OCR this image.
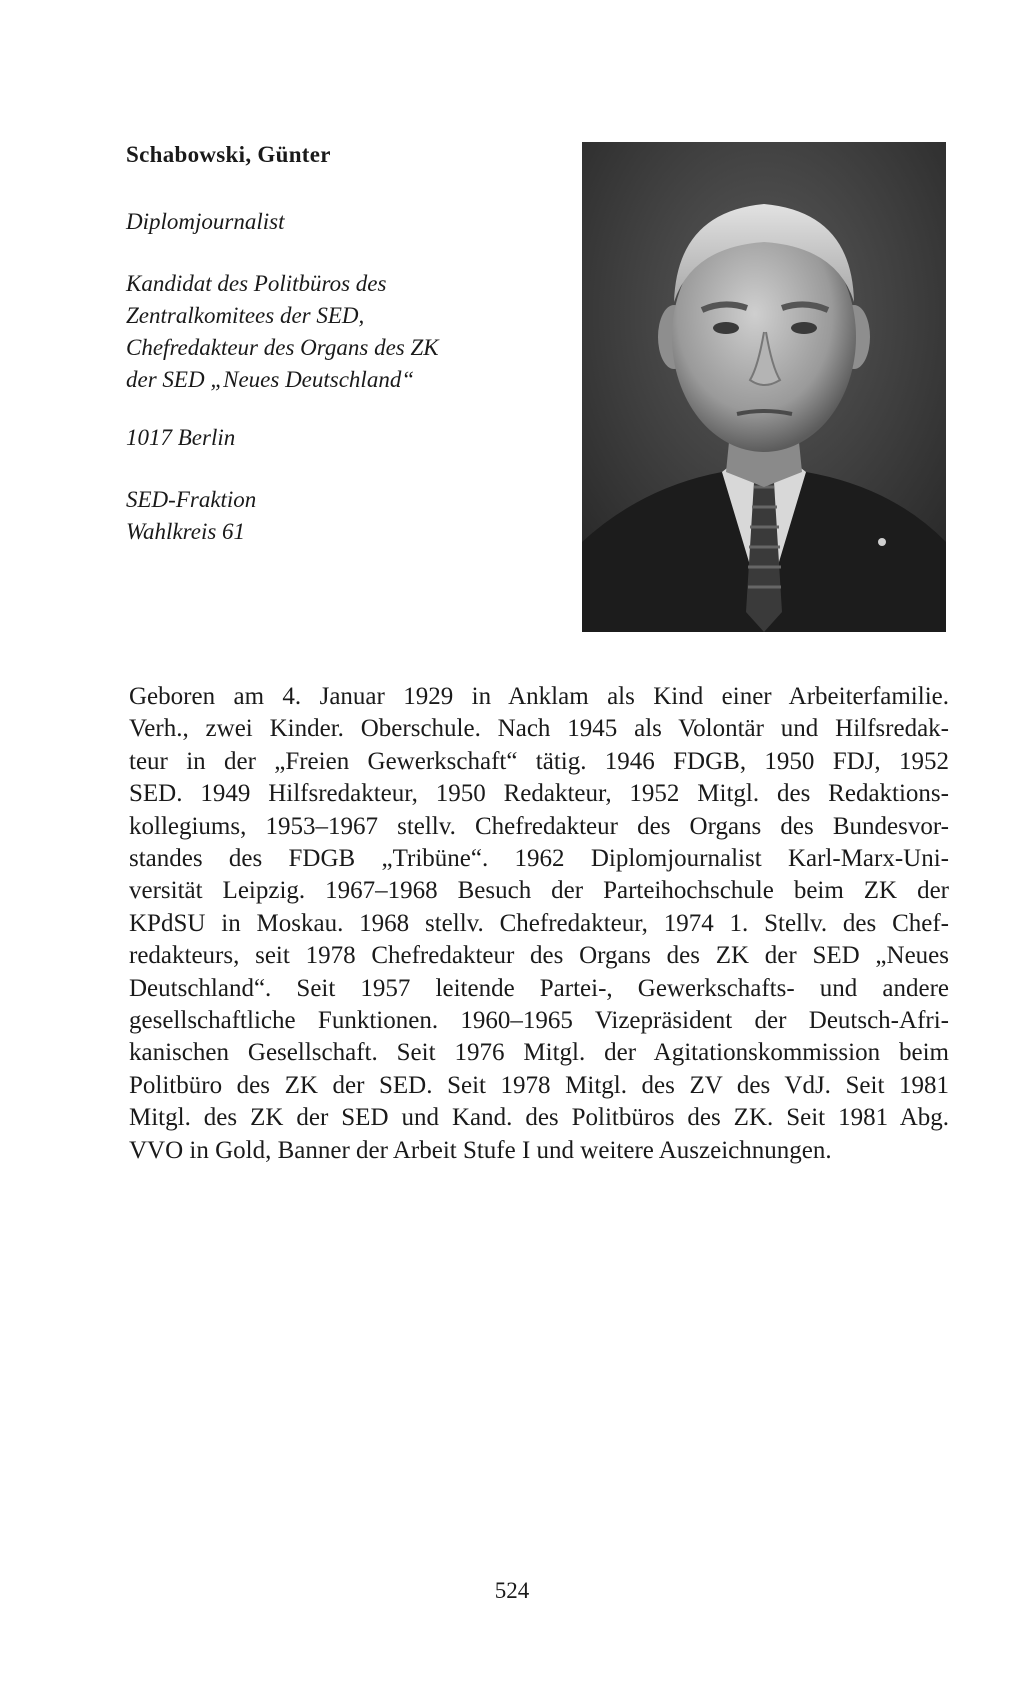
Schabowski, Günter

Diplomjournalist

Kandidat des Politbüros des

Zentralkomitees der SED,

Chefredakteur des Organs des ZK

der SED „Neues Deutschland“

1017 Berlin

SED-Fraktion

Wahlkreis 61

Geboren am 4. Januar 1929 in Anklam als Kind einer Arbeiterfamilie.
Verh., zwei Kinder. Oberschule. Nach 1945 als Volontär und Hilfsredak-
teur in der „Freien Gewerkschaft“ tätig. 1946 FDGB, 1950 FDJ, 1952
SED. 1949 Hilfsredakteur, 1950 Redakteur, 1952 Mitgl. des Redaktions-
kollegiums, 1953–1967 stellv. Chefredakteur des Organs des Bundesvor-
standes des FDGB „Tribüne“. 1962 Diplomjournalist Karl-Marx-Uni-
versität Leipzig. 1967–1968 Besuch der Parteihochschule beim ZK der
KPdSU in Moskau. 1968 stellv. Chefredakteur, 1974 1. Stellv. des Chef-
redakteurs, seit 1978 Chefredakteur des Organs des ZK der SED „Neues
Deutschland“. Seit 1957 leitende Partei-, Gewerkschafts- und andere
gesellschaftliche Funktionen. 1960–1965 Vizepräsident der Deutsch-Afri-
kanischen Gesellschaft. Seit 1976 Mitgl. der Agitationskommission beim
Politbüro des ZK der SED. Seit 1978 Mitgl. des ZV des VdJ. Seit 1981
Mitgl. des ZK der SED und Kand. des Politbüros des ZK. Seit 1981 Abg.
VVO in Gold, Banner der Arbeit Stufe I und weitere Auszeichnungen.

524
